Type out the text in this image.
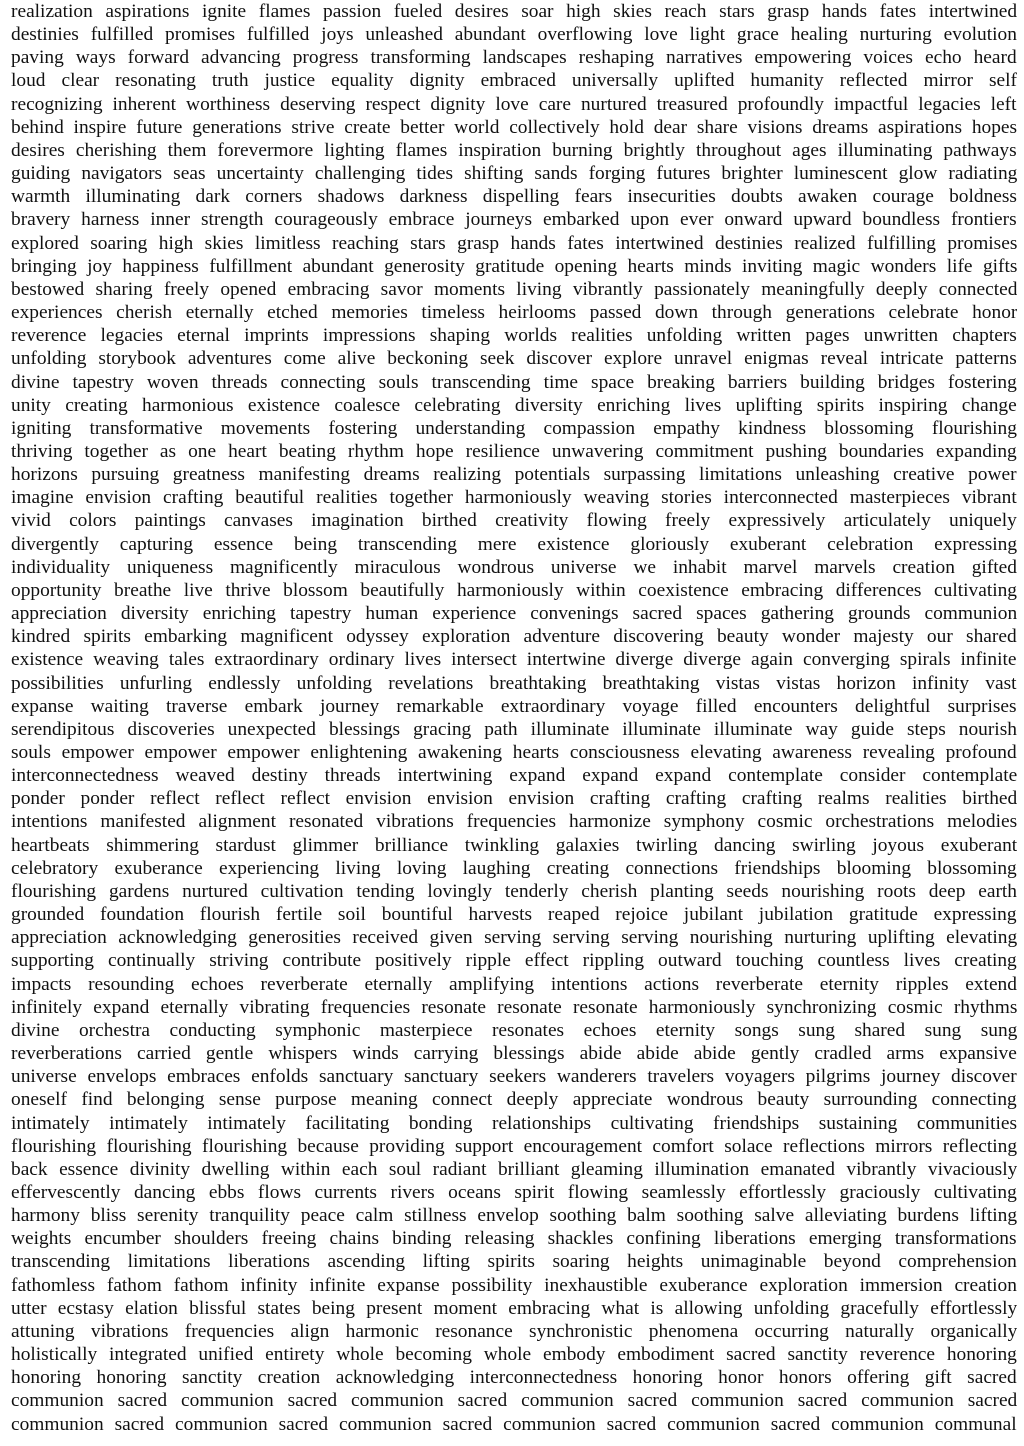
realization aspirations ignite flames passion fueled desires soar high skies reach stars grasp hands fates intertwined
destinies fulfilled promises fulfilled joys unleashed abundant overflowing love light grace healing nurturing evolution
paving ways forward advancing progress transforming landscapes reshaping narratives empowering voices echo heard
loud clear resonating truth justice equality dignity embraced universally uplifted humanity reflected mirror self
recognizing inherent worthiness deserving respect dignity love care nurtured treasured profoundly impactful legacies left
behind inspire future generations strive create better world collectively hold dear share visions dreams aspirations hopes
desires cherishing them forevermore lighting flames inspiration burning brightly throughout ages illuminating pathways
guiding navigators seas uncertainty challenging tides shifting sands forging futures brighter luminescent glow radiating
warmth illuminating dark corners shadows darkness dispelling fears insecurities doubts awaken courage boldness
bravery harness inner strength courageously embrace journeys embarked upon ever onward upward boundless frontiers
explored soaring high skies limitless reaching stars grasp hands fates intertwined destinies realized fulfilling promises
bringing joy happiness fulfillment abundant generosity gratitude opening hearts minds inviting magic wonders life gifts
bestowed sharing freely opened embracing savor moments living vibrantly passionately meaningfully deeply connected
experiences cherish eternally etched memories timeless heirlooms passed down through generations celebrate honor
reverence legacies eternal imprints impressions shaping worlds realities unfolding written pages unwritten chapters
unfolding storybook adventures come alive beckoning seek discover explore unravel enigmas reveal intricate patterns
divine tapestry woven threads connecting souls transcending time space breaking barriers building bridges fostering
unity creating harmonious existence coalesce celebrating diversity enriching lives uplifting spirits inspiring change
igniting transformative movements fostering understanding compassion empathy kindness blossoming flourishing
thriving together as one heart beating rhythm hope resilience unwavering commitment pushing boundaries expanding
horizons pursuing greatness manifesting dreams realizing potentials surpassing limitations unleashing creative power
imagine envision crafting beautiful realities together harmoniously weaving stories interconnected masterpieces vibrant
vivid colors paintings canvases imagination birthed creativity flowing freely expressively articulately uniquely
divergently capturing essence being transcending mere existence gloriously exuberant celebration expressing
individuality uniqueness magnificently miraculous wondrous universe we inhabit marvel marvels creation gifted
opportunity breathe live thrive blossom beautifully harmoniously within coexistence embracing differences cultivating
appreciation diversity enriching tapestry human experience convenings sacred spaces gathering grounds communion
kindred spirits embarking magnificent odyssey exploration adventure discovering beauty wonder majesty our shared
existence weaving tales extraordinary ordinary lives intersect intertwine diverge diverge again converging spirals infinite
possibilities unfurling endlessly unfolding revelations breathtaking breathtaking vistas vistas horizon infinity vast
expanse waiting traverse embark journey remarkable extraordinary voyage filled encounters delightful surprises
serendipitous discoveries unexpected blessings gracing path illuminate illuminate illuminate way guide steps nourish
souls empower empower empower enlightening awakening hearts consciousness elevating awareness revealing profound
interconnectedness weaved destiny threads intertwining expand expand expand contemplate consider contemplate
ponder ponder reflect reflect reflect envision envision envision crafting crafting crafting realms realities birthed
intentions manifested alignment resonated vibrations frequencies harmonize symphony cosmic orchestrations melodies
heartbeats shimmering stardust glimmer brilliance twinkling galaxies twirling dancing swirling joyous exuberant
celebratory exuberance experiencing living loving laughing creating connections friendships blooming blossoming
flourishing gardens nurtured cultivation tending lovingly tenderly cherish planting seeds nourishing roots deep earth
grounded foundation flourish fertile soil bountiful harvests reaped rejoice jubilant jubilation gratitude expressing
appreciation acknowledging generosities received given serving serving serving nourishing nurturing uplifting elevating
supporting continually striving contribute positively ripple effect rippling outward touching countless lives creating
impacts resounding echoes reverberate eternally amplifying intentions actions reverberate eternity ripples extend
infinitely expand eternally vibrating frequencies resonate resonate resonate harmoniously synchronizing cosmic rhythms
divine orchestra conducting symphonic masterpiece resonates echoes eternity songs sung shared sung sung
reverberations carried gentle whispers winds carrying blessings abide abide abide gently cradled arms expansive
universe envelops embraces enfolds sanctuary sanctuary seekers wanderers travelers voyagers pilgrims journey discover
oneself find belonging sense purpose meaning connect deeply appreciate wondrous beauty surrounding connecting
intimately intimately intimately facilitating bonding relationships cultivating friendships sustaining communities
flourishing flourishing flourishing because providing support encouragement comfort solace reflections mirrors reflecting
back essence divinity dwelling within each soul radiant brilliant gleaming illumination emanated vibrantly vivaciously
effervescently dancing ebbs flows currents rivers oceans spirit flowing seamlessly effortlessly graciously cultivating
harmony bliss serenity tranquility peace calm stillness envelop soothing balm soothing salve alleviating burdens lifting
weights encumber shoulders freeing chains binding releasing shackles confining liberations emerging transformations
transcending limitations liberations ascending lifting spirits soaring heights unimaginable beyond comprehension
fathomless fathom fathom infinity infinite expanse possibility inexhaustible exuberance exploration immersion creation
utter ecstasy elation blissful states being present moment embracing what is allowing unfolding gracefully effortlessly
attuning vibrations frequencies align harmonic resonance synchronistic phenomena occurring naturally organically
holistically integrated unified entirety whole becoming whole embody embodiment sacred sanctity reverence honoring
honoring honoring sanctity creation acknowledging interconnectedness honoring honor honors offering gift sacred
communion sacred communion sacred communion sacred communion sacred communion sacred communion sacred
communion sacred communion sacred communion sacred communion sacred communion sacred communion communal
